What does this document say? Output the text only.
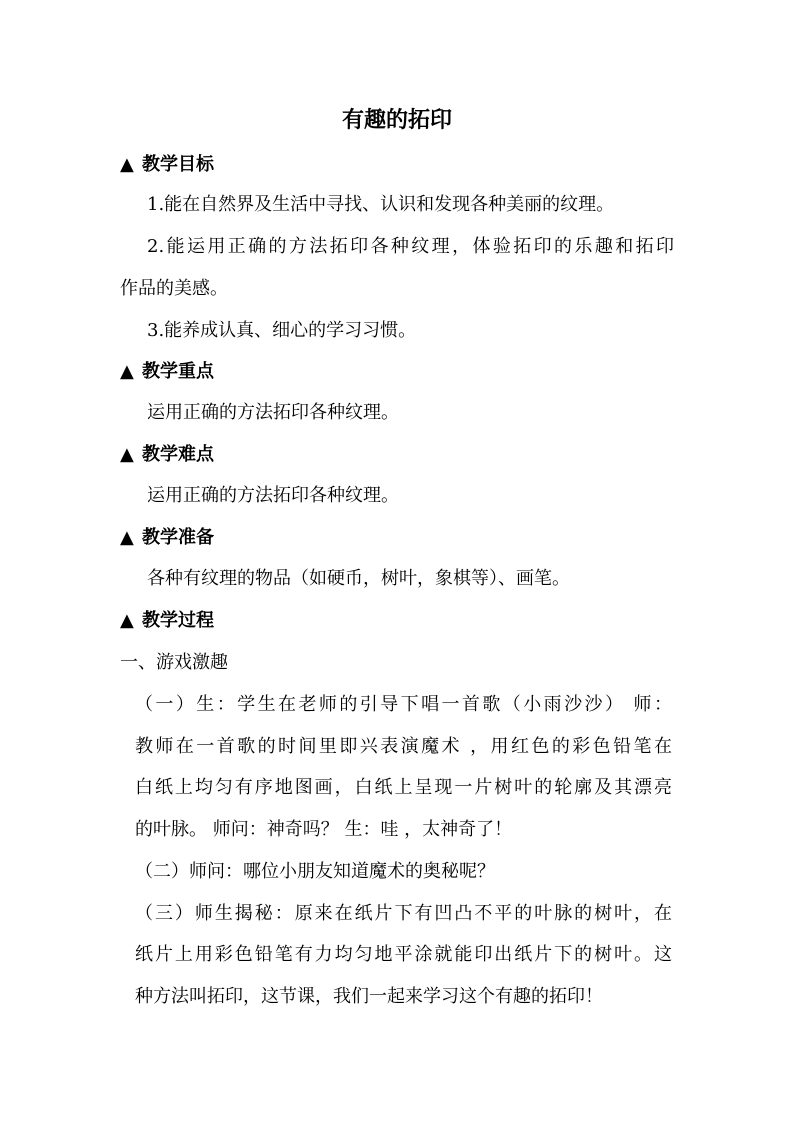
有趣的拓印
▲ 教学目标
1.能在自然界及生活中寻找、认识和发现各种美丽的纹理。
2.能运用正确的方法拓印各种纹理，体验拓印的乐趣和拓印
作品的美感。
3.能养成认真、细心的学习习惯。
▲ 教学重点
运用正确的方法拓印各种纹理。
▲ 教学难点
运用正确的方法拓印各种纹理。
▲ 教学准备
各种有纹理的物品（如硬币，树叶，象棋等）、画笔。
▲ 教学过程
一、游戏激趣
（一）生：学生在老师的引导下唱一首歌（小雨沙沙） 师：
教师在一首歌的时间里即兴表演魔术 ，用红色的彩色铅笔在
白纸上均匀有序地图画，白纸上呈现一片树叶的轮廓及其漂亮
的叶脉。 师问：神奇吗？ 生：哇 ，太神奇了！
（二）师问：哪位小朋友知道魔术的奥秘呢？
（三）师生揭秘：原来在纸片下有凹凸不平的叶脉的树叶，在
纸片上用彩色铅笔有力均匀地平涂就能印出纸片下的树叶。这
种方法叫拓印，这节课，我们一起来学习这个有趣的拓印！
